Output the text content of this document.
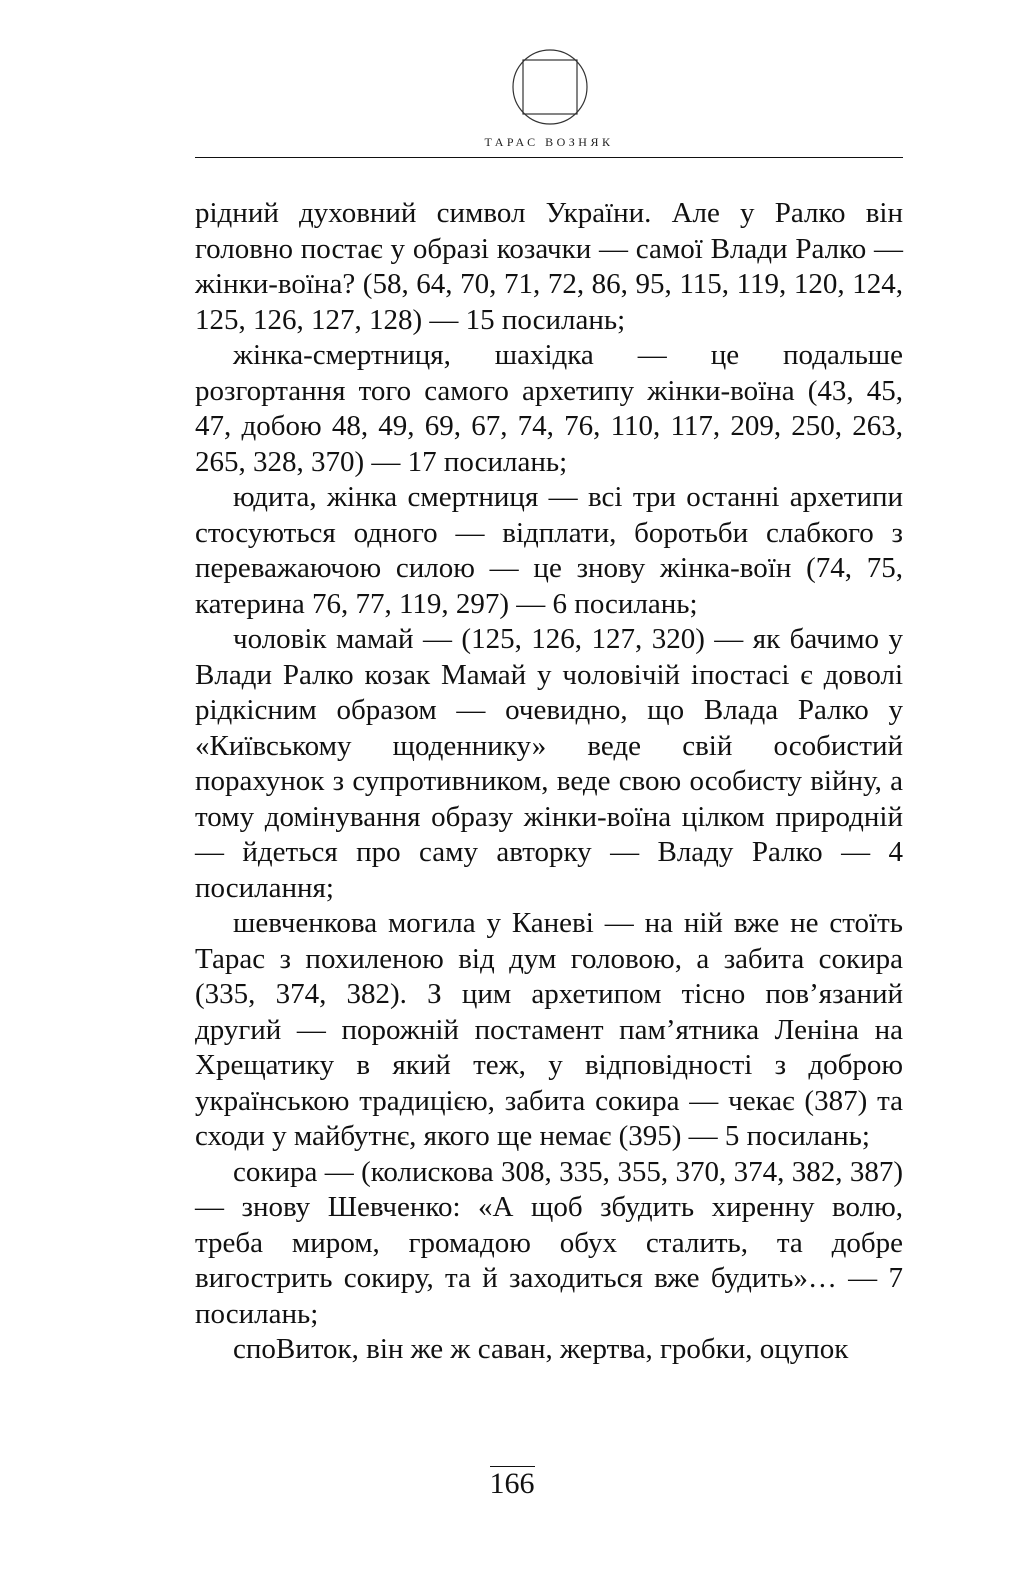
ТАРАС ВОЗНЯК

рідний духовний символ України. Але у Ралко він головно постає у образі козачки — самої Влади Ралко — жінки-воїна? (58, 64, 70, 71, 72, 86, 95, 115, 119, 120, 124, 125, 126, 127, 128) — 15 посилань;

жінка-смертниця, шахідка — це подальше розгортання того самого архетипу жінки-воїна (43, 45, 47, добою 48, 49, 69, 67, 74, 76, 110, 117, 209, 250, 263, 265, 328, 370) — 17 посилань;

юдита, жінка смертниця — всі три останні архетипи стосуються одного — відплати, боротьби слабкого з переважаючою силою — це знову жінка-воїн (74, 75, катерина 76, 77, 119, 297) — 6 посилань;

чоловік мамай — (125, 126, 127, 320) — як бачимо у Влади Ралко козак Мамай у чоловічій іпостасі є доволі рідкісним образом — очевидно, що Влада Ралко у «Київському щоденнику» веде свій особистий порахунок з супротивником, веде свою особисту війну, а тому домінування образу жінки-воїна цілком природній — йдеться про саму авторку — Владу Ралко — 4 посилання;

шевченкова могила у Каневі — на ній вже не стоїть Тарас з похиленою від дум головою, а забита сокира (335, 374, 382). З цим архетипом тісно пов’язаний другий — порожній постамент пам’ятника Леніна на Хрещатику в який теж, у відповідності з доброю українською традицією, забита сокира — чекає (387) та сходи у майбутнє, якого ще немає (395) — 5 посилань;

сокира — (колискова 308, 335, 355, 370, 374, 382, 387) — знову Шевченко: «А щоб збудить хиренну волю, треба миром, громадою обух сталить, та добре вигострить сокиру, та й заходиться вже будить»… — 7 посилань;

споВиток, він же ж саван, жертва, гробки, оцупок

166
